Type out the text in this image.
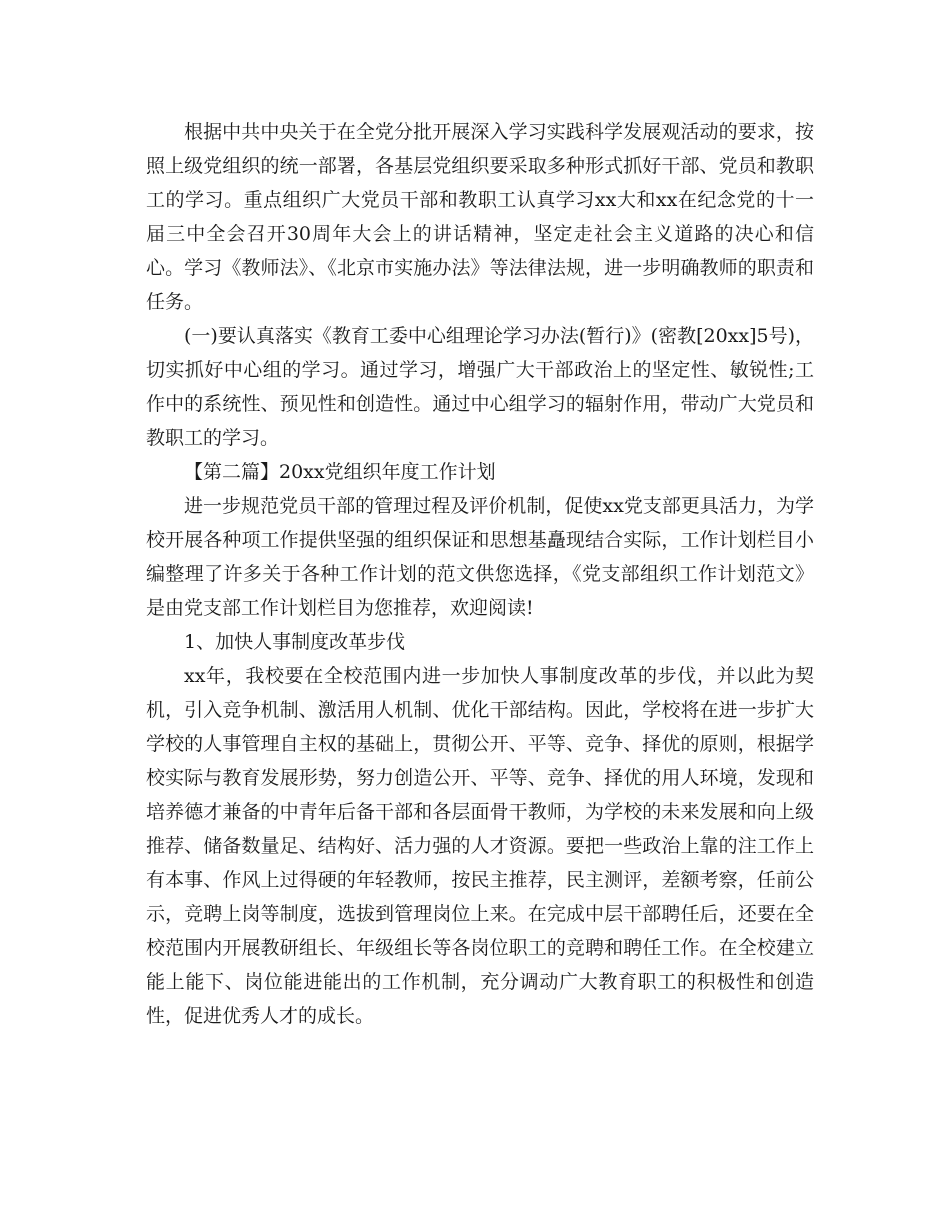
根据中共中央关于在全党分批开展深入学习实践科学发展观活动的要求，按照上级党组织的统一部署，各基层党组织要采取多种形式抓好干部、党员和教职工的学习。重点组织广大党员干部和教职工认真学习xx大和xx在纪念党的十一届三中全会召开30周年大会上的讲话精神，坚定走社会主义道路的决心和信心。学习《教师法》、《北京市实施办法》等法律法规，进一步明确教师的职责和任务。

(一)要认真落实《教育工委中心组理论学习办法(暂行)》(密教[20xx]5号)，切实抓好中心组的学习。通过学习，增强广大干部政治上的坚定性、敏锐性;工作中的系统性、预见性和创造性。通过中心组学习的辐射作用，带动广大党员和教职工的学习。

【第二篇】20xx党组织年度工作计划

进一步规范党员干部的管理过程及评价机制，促使xx党支部更具活力，为学校开展各种项工作提供坚强的组织保证和思想基矗现结合实际，工作计划栏目小编整理了许多关于各种工作计划的范文供您选择，《党支部组织工作计划范文》是由党支部工作计划栏目为您推荐，欢迎阅读!

1、加快人事制度改革步伐

xx年，我校要在全校范围内进一步加快人事制度改革的步伐，并以此为契机，引入竞争机制、激活用人机制、优化干部结构。因此，学校将在进一步扩大学校的人事管理自主权的基础上，贯彻公开、平等、竞争、择优的原则，根据学校实际与教育发展形势，努力创造公开、平等、竞争、择优的用人环境，发现和培养德才兼备的中青年后备干部和各层面骨干教师，为学校的未来发展和向上级推荐、储备数量足、结构好、活力强的人才资源。要把一些政治上靠的注工作上有本事、作风上过得硬的年轻教师，按民主推荐，民主测评，差额考察，任前公示，竞聘上岗等制度，选拔到管理岗位上来。在完成中层干部聘任后，还要在全校范围内开展教研组长、年级组长等各岗位职工的竞聘和聘任工作。在全校建立能上能下、岗位能进能出的工作机制，充分调动广大教育职工的积极性和创造性，促进优秀人才的成长。
